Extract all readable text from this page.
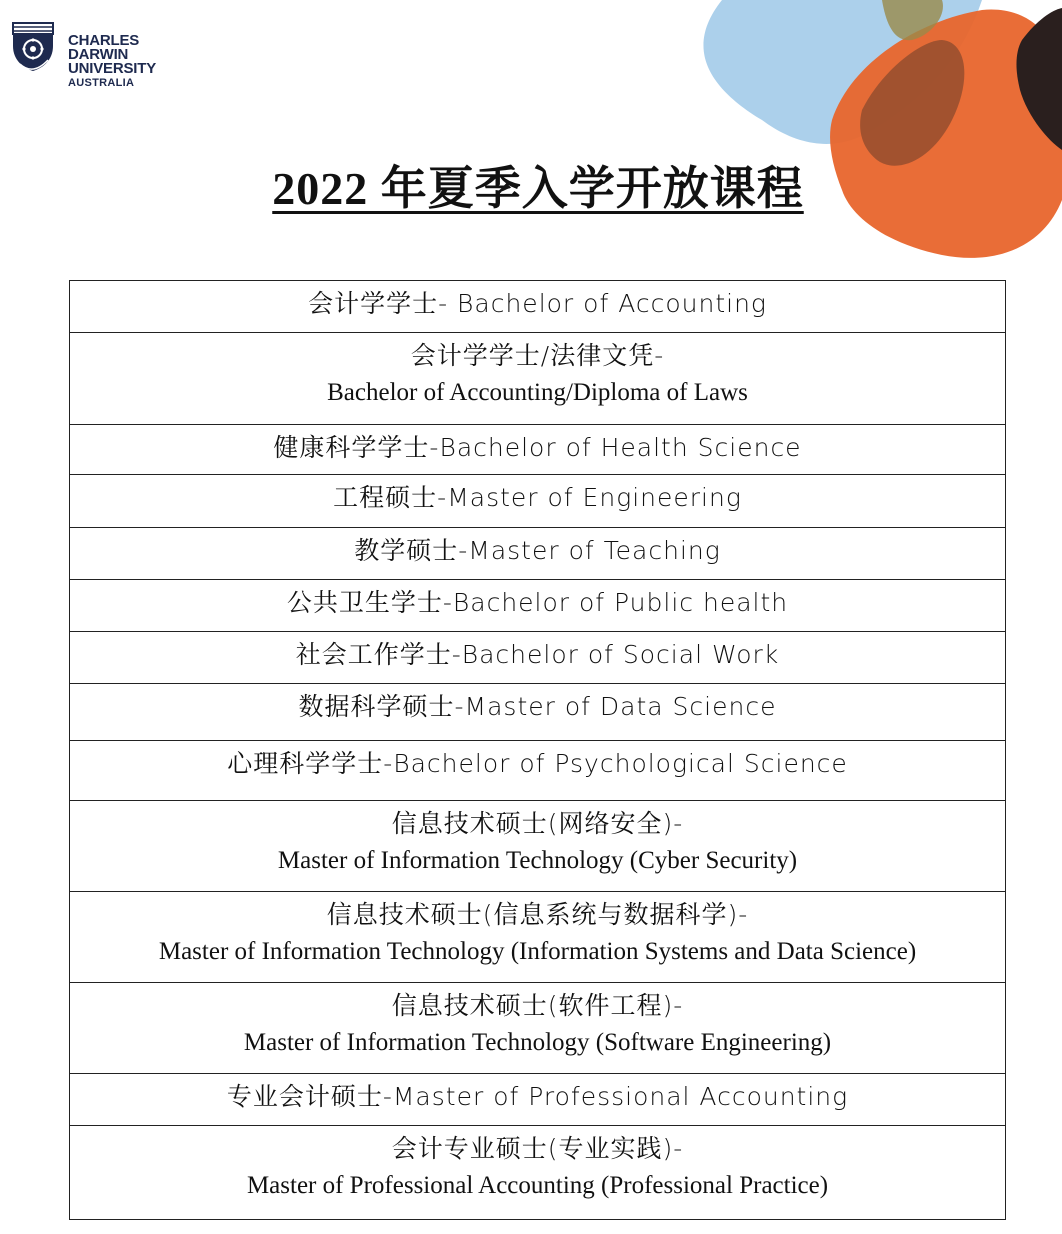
CHARLES
DARWIN
UNIVERSITY
AUSTRALIA
2022 年夏季入学开放课程
会计学学士- Bachelor of Accounting

会计学学士/法律文凭-
Bachelor of Accounting/Diploma of Laws

健康科学学士-Bachelor of Health Science

工程硕士-Master of Engineering

教学硕士-Master of Teaching

公共卫生学士-Bachelor of Public health

社会工作学士-Bachelor of Social Work

数据科学硕士-Master of Data Science

心理科学学士-Bachelor of Psychological Science

信息技术硕士(网络安全)-
Master of Information Technology (Cyber Security)

信息技术硕士(信息系统与数据科学)-
Master of Information Technology (Information Systems and Data Science)

信息技术硕士(软件工程)-
Master of Information Technology (Software Engineering)

专业会计硕士-Master of Professional Accounting

会计专业硕士(专业实践)-
Master of Professional Accounting (Professional Practice)
